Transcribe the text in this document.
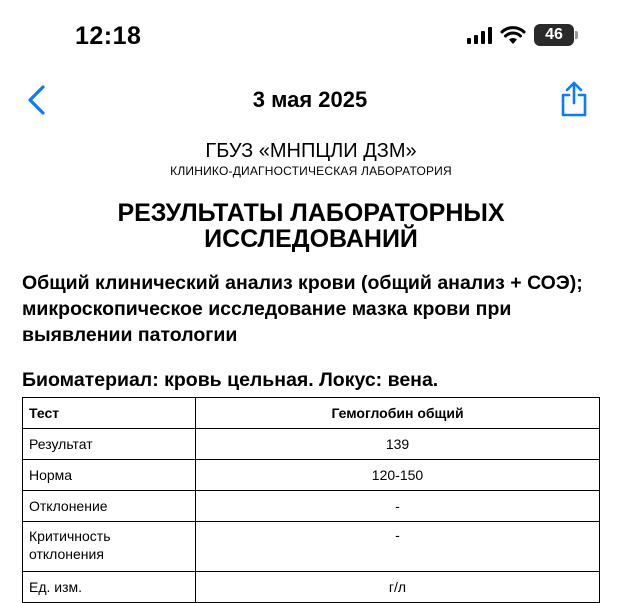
12:18	46
3 мая 2025
ГБУЗ «МНПЦЛИ ДЗМ»
КЛИНИКО-ДИАГНОСТИЧЕСКАЯ ЛАБОРАТОРИЯ
РЕЗУЛЬТАТЫ ЛАБОРАТОРНЫХ ИССЛЕДОВАНИЙ
Общий клинический анализ крови (общий анализ + СОЭ); микроскопическое исследование мазка крови при выявлении патологии
Биоматериал: кровь цельная. Локус: вена.
Тест	Гемоглобин общий
Результат	139
Норма	120-150
Отклонение	-
Критичность отклонения	-
Ед. изм.	г/л
